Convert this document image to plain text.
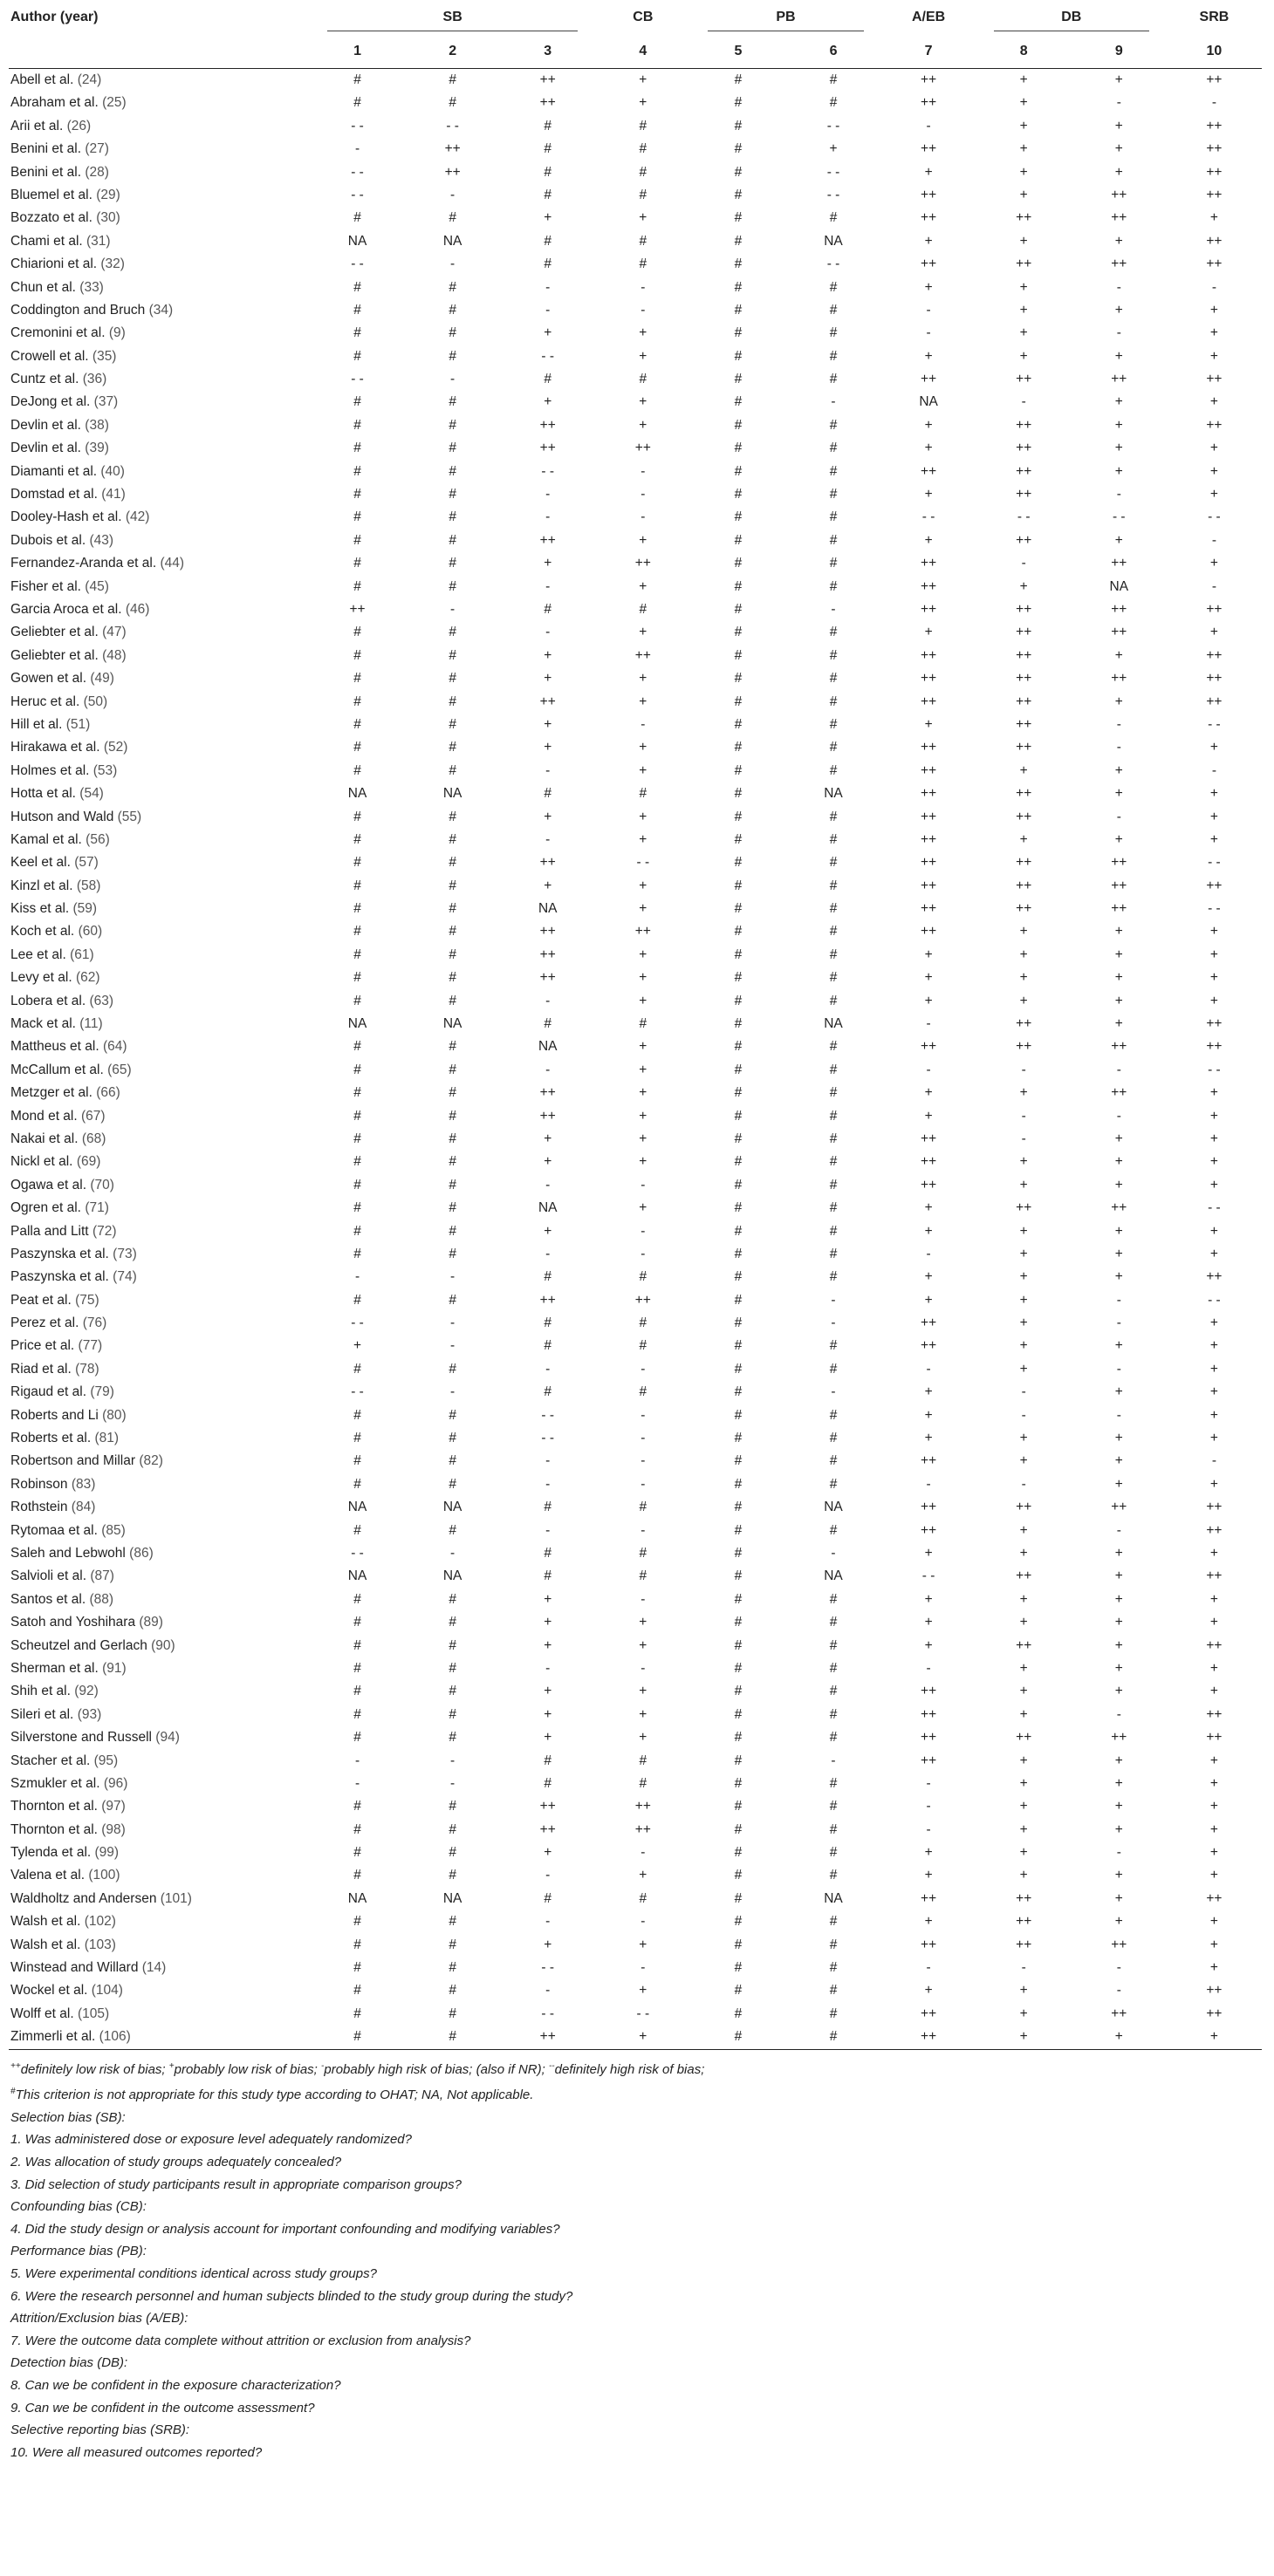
Author (year)	SB			CB	PB		A/EB	DB		SRB
	1	2	3	4	5	6	7	8	9	10
Abell et al. (24)	#	#	++	+	#	#	++	+	+	++
Abraham et al. (25)	#	#	++	+	#	#	++	+	-	-
Arii et al. (26)	- -	- -	#	#	#	- -	-	+	+	++
Benini et al. (27)	-	++	#	#	#	+	++	+	+	++
Benini et al. (28)	- -	++	#	#	#	- -	+	+	+	++
Bluemel et al. (29)	- -	-	#	#	#	- -	++	+	++	++
Bozzato et al. (30)	#	#	+	+	#	#	++	++	++	+
Chami et al. (31)	NA	NA	#	#	#	NA	+	+	+	++
Chiarioni et al. (32)	- -	-	#	#	#	- -	++	++	++	++
Chun et al. (33)	#	#	-	-	#	#	+	+	-	-
Coddington and Bruch (34)	#	#	-	-	#	#	-	+	+	+
Cremonini et al. (9)	#	#	+	+	#	#	-	+	-	+
Crowell et al. (35)	#	#	- -	+	#	#	+	+	+	+
Cuntz et al. (36)	- -	-	#	#	#	#	++	++	++	++
DeJong et al. (37)	#	#	+	+	#	-	NA	-	+	+
Devlin et al. (38)	#	#	++	+	#	#	+	++	+	++
Devlin et al. (39)	#	#	++	++	#	#	+	++	+	+
Diamanti et al. (40)	#	#	- -	-	#	#	++	++	+	+
Domstad et al. (41)	#	#	-	-	#	#	+	++	-	+
Dooley-Hash et al. (42)	#	#	-	-	#	#	- -	- -	- -	- -
Dubois et al. (43)	#	#	++	+	#	#	+	++	+	-
Fernandez-Aranda et al. (44)	#	#	+	++	#	#	++	-	++	+
Fisher et al. (45)	#	#	-	+	#	#	++	+	NA	-
Garcia Aroca et al. (46)	++	-	#	#	#	-	++	++	++	++
Geliebter et al. (47)	#	#	-	+	#	#	+	++	++	+
Geliebter et al. (48)	#	#	+	++	#	#	++	++	+	++
Gowen et al. (49)	#	#	+	+	#	#	++	++	++	++
Heruc et al. (50)	#	#	++	+	#	#	++	++	+	++
Hill et al. (51)	#	#	+	-	#	#	+	++	-	- -
Hirakawa et al. (52)	#	#	+	+	#	#	++	++	-	+
Holmes et al. (53)	#	#	-	+	#	#	++	+	+	-
Hotta et al. (54)	NA	NA	#	#	#	NA	++	++	+	+
Hutson and Wald (55)	#	#	+	+	#	#	++	++	-	+
Kamal et al. (56)	#	#	-	+	#	#	++	+	+	+
Keel et al. (57)	#	#	++	- -	#	#	++	++	++	- -
Kinzl et al. (58)	#	#	+	+	#	#	++	++	++	++
Kiss et al. (59)	#	#	NA	+	#	#	++	++	++	- -
Koch et al. (60)	#	#	++	++	#	#	++	+	+	+
Lee et al. (61)	#	#	++	+	#	#	+	+	+	+
Levy et al. (62)	#	#	++	+	#	#	+	+	+	+
Lobera et al. (63)	#	#	-	+	#	#	+	+	+	+
Mack et al. (11)	NA	NA	#	#	#	NA	-	++	+	++
Mattheus et al. (64)	#	#	NA	+	#	#	++	++	++	++
McCallum et al. (65)	#	#	-	+	#	#	-	-	-	- -
Metzger et al. (66)	#	#	++	+	#	#	+	+	++	+
Mond et al. (67)	#	#	++	+	#	#	+	-	-	+
Nakai et al. (68)	#	#	+	+	#	#	++	-	+	+
Nickl et al. (69)	#	#	+	+	#	#	++	+	+	+
Ogawa et al. (70)	#	#	-	-	#	#	++	+	+	+
Ogren et al. (71)	#	#	NA	+	#	#	+	++	++	- -
Palla and Litt (72)	#	#	+	-	#	#	+	+	+	+
Paszynska et al. (73)	#	#	-	-	#	#	-	+	+	+
Paszynska et al. (74)	-	-	#	#	#	#	+	+	+	++
Peat et al. (75)	#	#	++	++	#	-	+	+	-	- -
Perez et al. (76)	- -	-	#	#	#	-	++	+	-	+
Price et al. (77)	+	-	#	#	#	#	++	+	+	+
Riad et al. (78)	#	#	-	-	#	#	-	+	-	+
Rigaud et al. (79)	- -	-	#	#	#	-	+	-	+	+
Roberts and Li (80)	#	#	- -	-	#	#	+	-	-	+
Roberts et al. (81)	#	#	- -	-	#	#	+	+	+	+
Robertson and Millar (82)	#	#	-	-	#	#	++	+	+	-
Robinson (83)	#	#	-	-	#	#	-	-	+	+
Rothstein (84)	NA	NA	#	#	#	NA	++	++	++	++
Rytomaa et al. (85)	#	#	-	-	#	#	++	+	-	++
Saleh and Lebwohl (86)	- -	-	#	#	#	-	+	+	+	+
Salvioli et al. (87)	NA	NA	#	#	#	NA	- -	++	+	++
Santos et al. (88)	#	#	+	-	#	#	+	+	+	+
Satoh and Yoshihara (89)	#	#	+	+	#	#	+	+	+	+
Scheutzel and Gerlach (90)	#	#	+	+	#	#	+	++	+	++
Sherman et al. (91)	#	#	-	-	#	#	-	+	+	+
Shih et al. (92)	#	#	+	+	#	#	++	+	+	+
Sileri et al. (93)	#	#	+	+	#	#	++	+	-	++
Silverstone and Russell (94)	#	#	+	+	#	#	++	++	++	++
Stacher et al. (95)	-	-	#	#	#	-	++	+	+	+
Szmukler et al. (96)	-	-	#	#	#	#	-	+	+	+
Thornton et al. (97)	#	#	++	++	#	#	-	+	+	+
Thornton et al. (98)	#	#	++	++	#	#	-	+	+	+
Tylenda et al. (99)	#	#	+	-	#	#	+	+	-	+
Valena et al. (100)	#	#	-	+	#	#	+	+	+	+
Waldholtz and Andersen (101)	NA	NA	#	#	#	NA	++	++	+	++
Walsh et al. (102)	#	#	-	-	#	#	+	++	+	+
Walsh et al. (103)	#	#	+	+	#	#	++	++	++	+
Winstead and Willard (14)	#	#	- -	-	#	#	-	-	-	+
Wockel et al. (104)	#	#	-	+	#	#	+	+	-	++
Wolff et al. (105)	#	#	- -	- -	#	#	++	+	++	++
Zimmerli et al. (106)	#	#	++	+	#	#	++	+	+	+
++definitely low risk of bias; +probably low risk of bias; -probably high risk of bias; (also if NR); --definitely high risk of bias;
#This criterion is not appropriate for this study type according to OHAT; NA, Not applicable.
Selection bias (SB):
1. Was administered dose or exposure level adequately randomized?
2. Was allocation of study groups adequately concealed?
3. Did selection of study participants result in appropriate comparison groups?
Confounding bias (CB):
4. Did the study design or analysis account for important confounding and modifying variables?
Performance bias (PB):
5. Were experimental conditions identical across study groups?
6. Were the research personnel and human subjects blinded to the study group during the study?
Attrition/Exclusion bias (A/EB):
7. Were the outcome data complete without attrition or exclusion from analysis?
Detection bias (DB):
8. Can we be confident in the exposure characterization?
9. Can we be confident in the outcome assessment?
Selective reporting bias (SRB):
10. Were all measured outcomes reported?
